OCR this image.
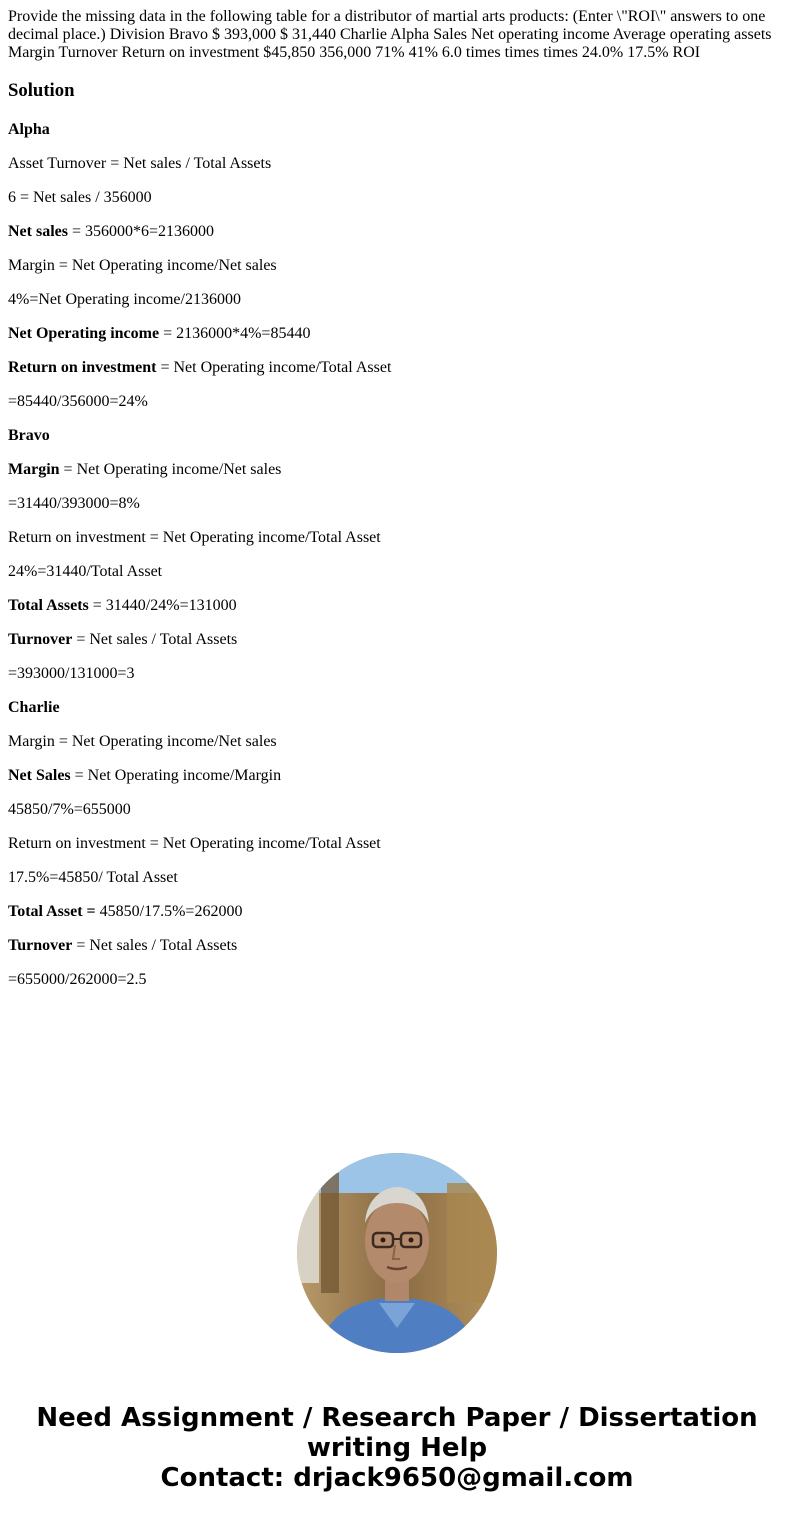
Provide the missing data in the following table for a distributor of martial arts products: (Enter \"ROI\" answers to one decimal place.) Division Bravo $ 393,000 $ 31,440 Charlie Alpha Sales Net operating income Average operating assets Margin Turnover Return on investment $45,850 356,000 71% 41% 6.0 times times times 24.0% 17.5% ROI

Solution

Alpha

Asset Turnover = Net sales / Total Assets

6 = Net sales / 356000

Net sales = 356000*6=2136000

Margin = Net Operating income/Net sales

4%=Net Operating income/2136000

Net Operating income = 2136000*4%=85440

Return on investment = Net Operating income/Total Asset

=85440/356000=24%

Bravo

Margin = Net Operating income/Net sales

=31440/393000=8%

Return on investment = Net Operating income/Total Asset

24%=31440/Total Asset

Total Assets = 31440/24%=131000

Turnover = Net sales / Total Assets

=393000/131000=3

Charlie

Margin = Net Operating income/Net sales

Net Sales = Net Operating income/Margin

45850/7%=655000

Return on investment = Net Operating income/Total Asset

17.5%=45850/ Total Asset

Total Asset = 45850/17.5%=262000

Turnover = Net sales / Total Assets

=655000/262000=2.5

Need Assignment / Research Paper / Dissertation
writing Help
Contact: drjack9650@gmail.com
